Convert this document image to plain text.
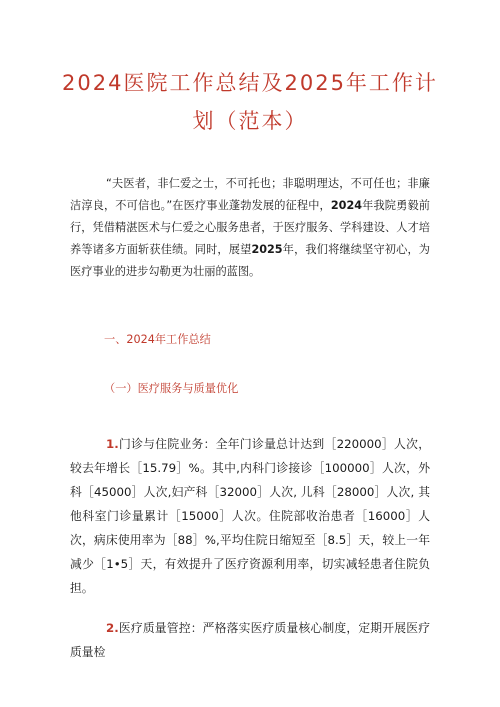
2024医院工作总结及2025年工作计
划（范本）
“夫医者，非仁爱之士，不可托也；非聪明理达，不可任也；非廉洁淳良，不可信也。”在医疗事业蓬勃发展的征程中，2024年我院勇毅前行，凭借精湛医术与仁爱之心服务患者，于医疗服务、学科建设、人才培养等诸多方面斩获佳绩。同时，展望2025年，我们将继续坚守初心，为医疗事业的进步勾勒更为壮丽的蓝图。
一、2024年工作总结
（一）医疗服务与质量优化
1.门诊与住院业务：全年门诊量总计达到［220000］人次，较去年增长［15.79］%。其中,内科门诊接诊［100000］人次，外科［45000］人次,妇产科［32000］人次, 儿科［28000］人次, 其他科室门诊量累计［15000］人次。住院部收治患者［16000］人次，病床使用率为［88］%,平均住院日缩短至［8.5］天，较上一年减少［1•5］天，有效提升了医疗资源利用率，切实减轻患者住院负担。
2.医疗质量管控：严格落实医疗质量核心制度，定期开展医疗质量检
